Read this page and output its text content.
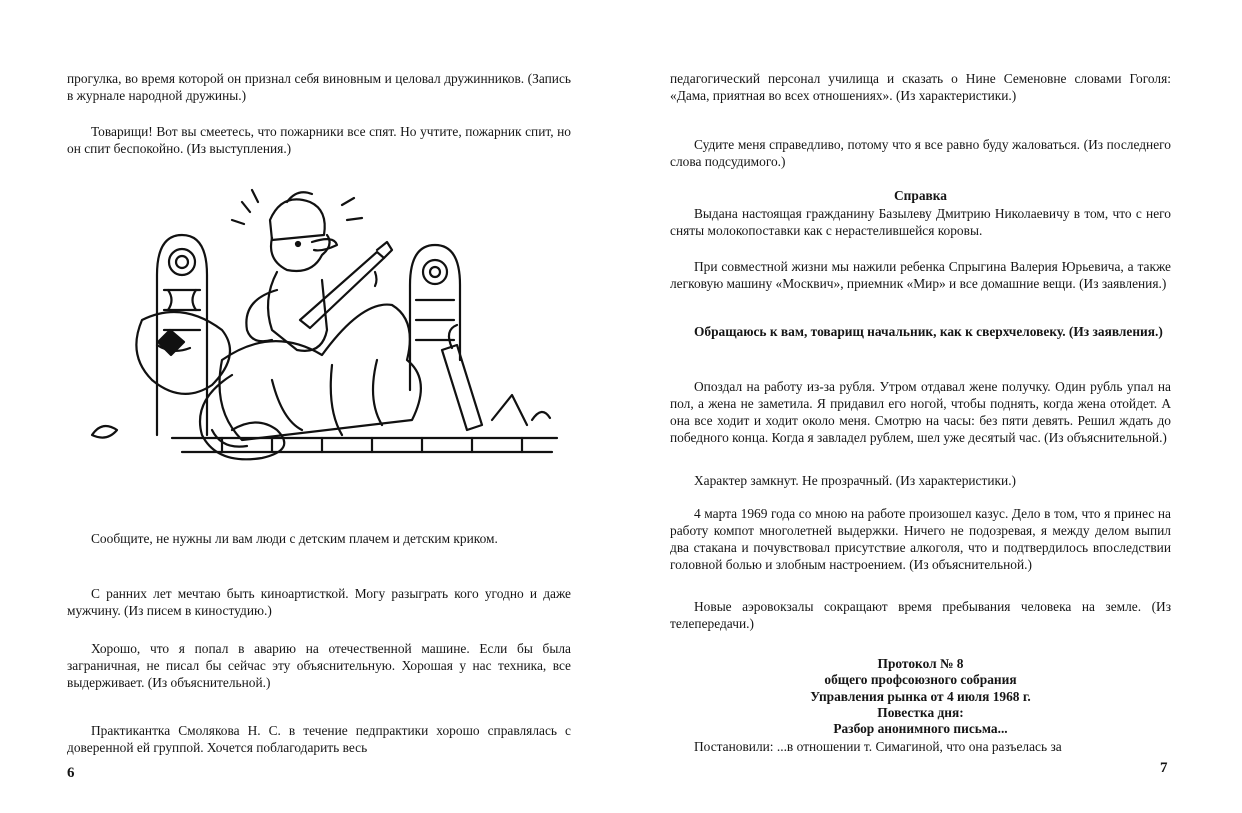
прогулка, во время которой он признал себя виновным и целовал дружинников. (Запись в журнале народной дружины.)

Товарищи! Вот вы смеетесь, что пожарники все спят. Но учтите, пожарник спит, но он спит беспокойно. (Из выступления.)

Сообщите, не нужны ли вам люди с детским плачем и детским криком.

С ранних лет мечтаю быть киноартисткой. Могу разыграть кого угодно и даже мужчину. (Из писем в киностудию.)

Хорошо, что я попал в аварию на отечественной машине. Если бы была заграничная, не писал бы сейчас эту объяснительную. Хорошая у нас техника, все выдерживает. (Из объяснительной.)

Практикантка Смолякова Н. С. в течение педпрактики хорошо справлялась с доверенной ей группой. Хочется поблагодарить весь

6

педагогический персонал училища и сказать о Нине Семеновне словами Гоголя: «Дама, приятная во всех отношениях». (Из характеристики.)

Судите меня справедливо, потому что я все равно буду жаловаться. (Из последнего слова подсудимого.)

Справка

Выдана настоящая гражданину Базылеву Дмитрию Николаевичу в том, что с него сняты молокопоставки как с нерастелившейся коровы.

При совместной жизни мы нажили ребенка Спрыгина Валерия Юрьевича, а также легковую машину «Москвич», приемник «Мир» и все домашние вещи. (Из заявления.)

Обращаюсь к вам, товарищ начальник, как к сверхчеловеку. (Из заявления.)

Опоздал на работу из-за рубля. Утром отдавал жене получку. Один рубль упал на пол, а жена не заметила. Я придавил его ногой, чтобы поднять, когда жена отойдет. А она все ходит и ходит около меня. Смотрю на часы: без пяти девять. Решил ждать до победного конца. Когда я завладел рублем, шел уже десятый час. (Из объяснительной.)

Характер замкнут. Не прозрачный. (Из характеристики.)

4 марта 1969 года со мною на работе произошел казус. Дело в том, что я принес на работу компот многолетней выдержки. Ничего не подозревая, я между делом выпил два стакана и почувствовал присутствие алкоголя, что и подтвердилось впоследствии головной болью и злобным настроением. (Из объяснительной.)

Новые аэровокзалы сокращают время пребывания человека на земле. (Из телепередачи.)

Протокол № 8

общего профсоюзного собрания

Управления рынка от 4 июля 1968 г.

Повестка дня:

Разбор анонимного письма...

Постановили: ...в отношении т. Симагиной, что она разъелась за

7
